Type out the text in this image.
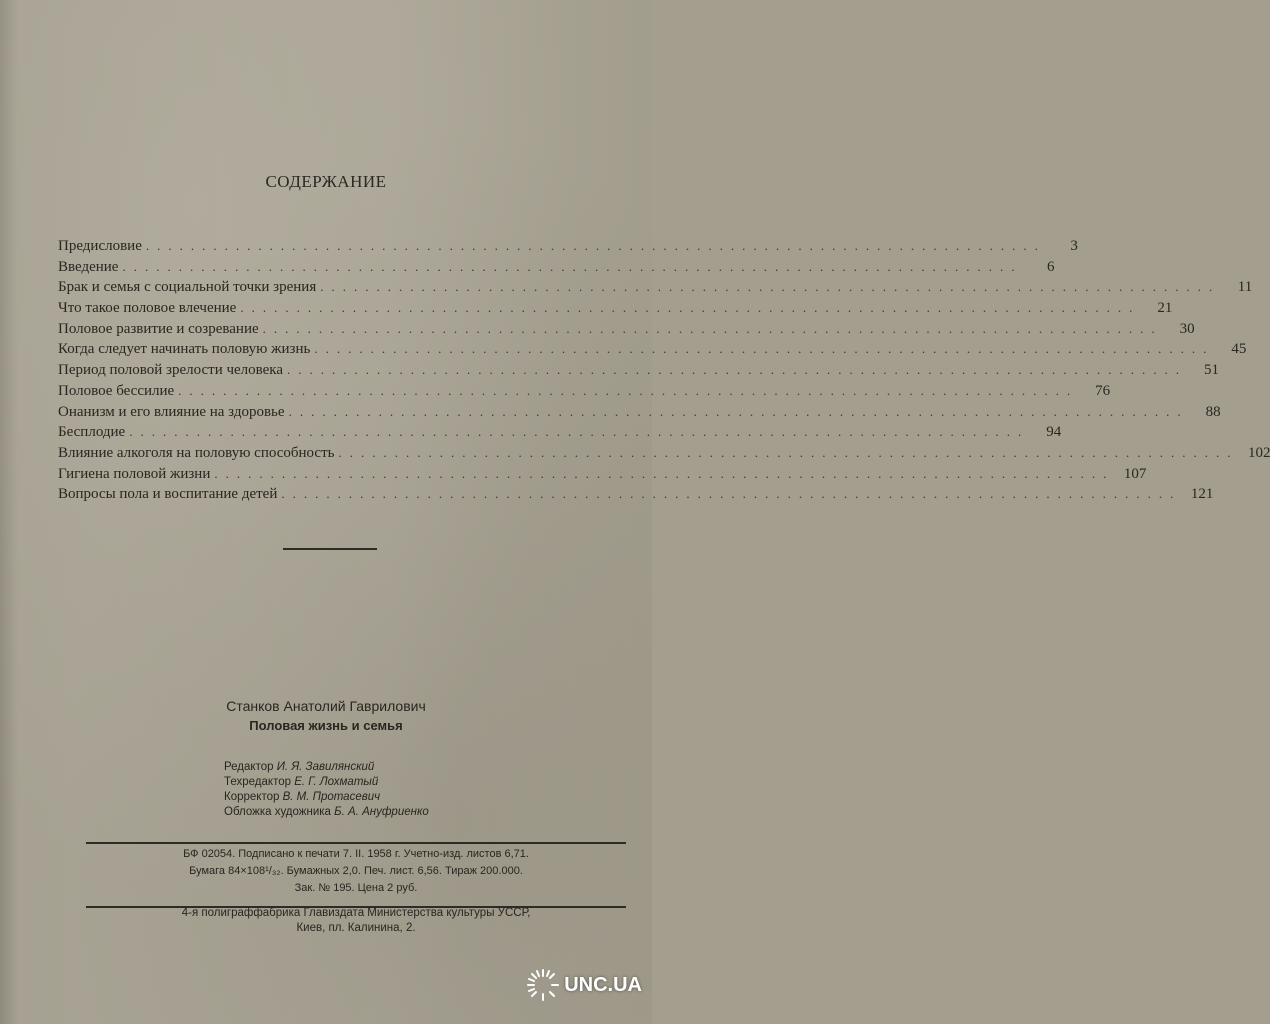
СОДЕРЖАНИЕ
Предисловие ................................................................................	3
Введение ................................................................................	6
Брак и семья с социальной точки зрения ................................................................................	11
Что такое половое влечение ................................................................................	21
Половое развитие и созревание ................................................................................	30
Когда следует начинать половую жизнь ................................................................................	45
Период половой зрелости человека ................................................................................	51
Половое бессилие ................................................................................	76
Онанизм и его влияние на здоровье ................................................................................	88
Бесплодие ................................................................................	94
Влияние алкоголя на половую способность ................................................................................ 102
Гигиена половой жизни ................................................................................ 107
Вопросы пола и воспитание детей ................................................................................ 121
Станков Анатолий Гаврилович
Половая жизнь и семья
Редактор И. Я. Завилянский
Техредактор Е. Г. Лохматый
Корректор В. М. Протасевич
Обложка художника Б. А. Ануфриенко
БФ 02054. Подписано к печати 7. II. 1958 г. Учетно-изд. листов 6,71.
Бумага 84×108¹/₃₂. Бумажных 2,0. Печ. лист. 6,56. Тираж 200.000.
Зак. № 195. Цена 2 руб.
4-я полиграффабрика Главиздата Министерства культуры УССР,
Киев, пл. Калинина, 2.
UNC.UA
